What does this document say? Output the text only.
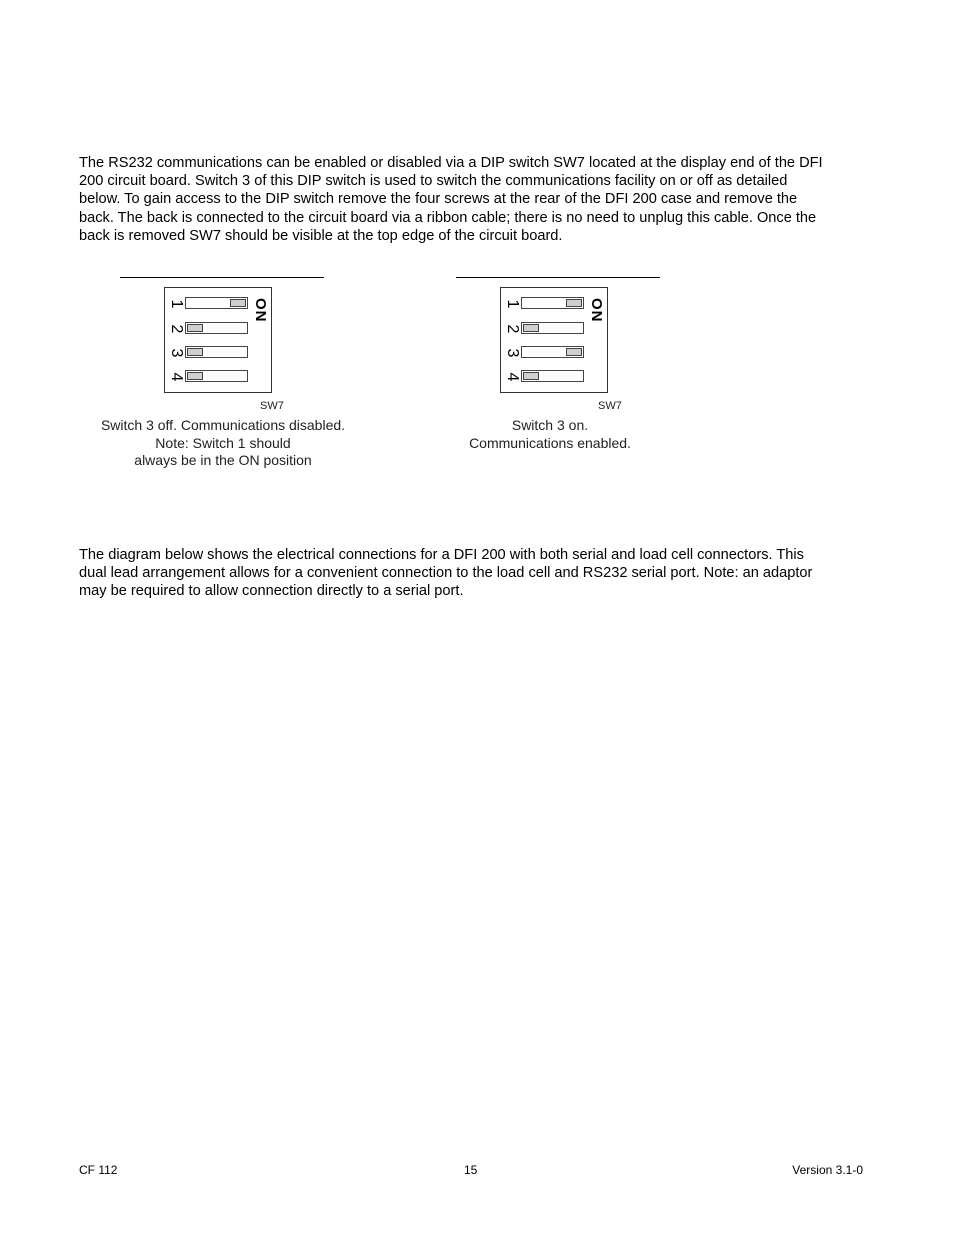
The RS232 communications can be enabled or disabled via a DIP switch SW7 located at the display end of the DFI
200 circuit board. Switch 3 of this DIP switch is used to switch the communications facility on or off as detailed
below. To gain access to the DIP switch remove the four screws at the rear of the DFI 200 case and remove the
back. The back is connected to the circuit board via a ribbon cable; there is no need to unplug this cable. Once the
back is removed SW7 should be visible at the top edge of the circuit board.

1
2
3
4
ON
SW7
Switch 3 off. Communications disabled.
Note: Switch 1 should
always be in the ON position
1
2
3
4
ON
SW7
Switch 3 on.
Communications enabled.

The diagram below shows the electrical connections for a DFI 200 with both serial and load cell connectors. This
dual lead arrangement allows for a convenient connection to the load cell and RS232 serial port. Note: an adaptor
may be required to allow connection directly to a serial port.

CF 112	15	Version 3.1-0
